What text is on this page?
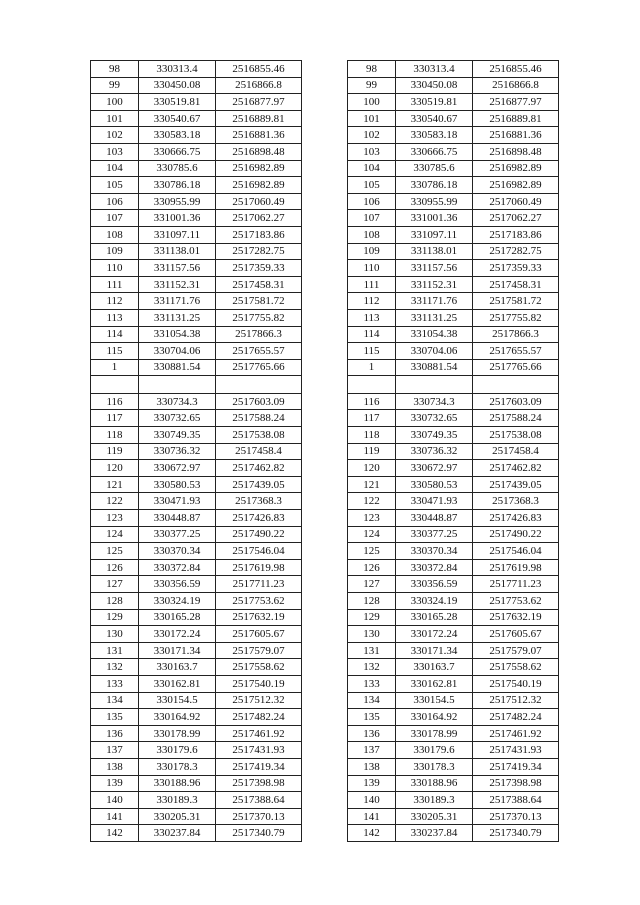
98	330313.4	2516855.46
99	330450.08	2516866.8
100	330519.81	2516877.97
101	330540.67	2516889.81
102	330583.18	2516881.36
103	330666.75	2516898.48
104	330785.6	2516982.89
105	330786.18	2516982.89
106	330955.99	2517060.49
107	331001.36	2517062.27
108	331097.11	2517183.86
109	331138.01	2517282.75
110	331157.56	2517359.33
111	331152.31	2517458.31
112	331171.76	2517581.72
113	331131.25	2517755.82
114	331054.38	2517866.3
115	330704.06	2517655.57
1	330881.54	2517765.66

116	330734.3	2517603.09
117	330732.65	2517588.24
118	330749.35	2517538.08
119	330736.32	2517458.4
120	330672.97	2517462.82
121	330580.53	2517439.05
122	330471.93	2517368.3
123	330448.87	2517426.83
124	330377.25	2517490.22
125	330370.34	2517546.04
126	330372.84	2517619.98
127	330356.59	2517711.23
128	330324.19	2517753.62
129	330165.28	2517632.19
130	330172.24	2517605.67
131	330171.34	2517579.07
132	330163.7	2517558.62
133	330162.81	2517540.19
134	330154.5	2517512.32
135	330164.92	2517482.24
136	330178.99	2517461.92
137	330179.6	2517431.93
138	330178.3	2517419.34
139	330188.96	2517398.98
140	330189.3	2517388.64
141	330205.31	2517370.13
142	330237.84	2517340.79
98	330313.4	2516855.46
99	330450.08	2516866.8
100	330519.81	2516877.97
101	330540.67	2516889.81
102	330583.18	2516881.36
103	330666.75	2516898.48
104	330785.6	2516982.89
105	330786.18	2516982.89
106	330955.99	2517060.49
107	331001.36	2517062.27
108	331097.11	2517183.86
109	331138.01	2517282.75
110	331157.56	2517359.33
111	331152.31	2517458.31
112	331171.76	2517581.72
113	331131.25	2517755.82
114	331054.38	2517866.3
115	330704.06	2517655.57
1	330881.54	2517765.66

116	330734.3	2517603.09
117	330732.65	2517588.24
118	330749.35	2517538.08
119	330736.32	2517458.4
120	330672.97	2517462.82
121	330580.53	2517439.05
122	330471.93	2517368.3
123	330448.87	2517426.83
124	330377.25	2517490.22
125	330370.34	2517546.04
126	330372.84	2517619.98
127	330356.59	2517711.23
128	330324.19	2517753.62
129	330165.28	2517632.19
130	330172.24	2517605.67
131	330171.34	2517579.07
132	330163.7	2517558.62
133	330162.81	2517540.19
134	330154.5	2517512.32
135	330164.92	2517482.24
136	330178.99	2517461.92
137	330179.6	2517431.93
138	330178.3	2517419.34
139	330188.96	2517398.98
140	330189.3	2517388.64
141	330205.31	2517370.13
142	330237.84	2517340.79
